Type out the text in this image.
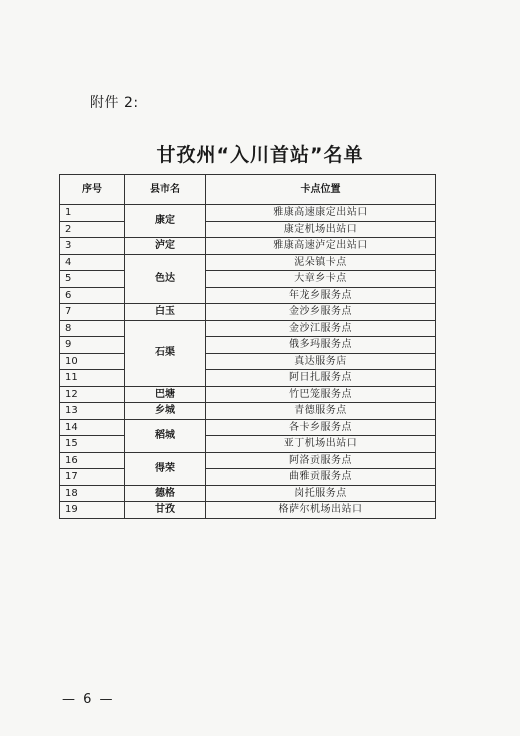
附件 2:
甘孜州“入川首站”名单
序号	县市名	卡点位置
1	康定	雅康高速康定出站口
2		康定机场出站口
3	泸定	雅康高速泸定出站口
4	色达	泥朵镇卡点
5		大章乡卡点
6		年龙乡服务点
7	白玉	金沙乡服务点
8	石渠	金沙江服务点
9		俄多玛服务点
10		真达服务店
11		阿日扎服务点
12	巴塘	竹巴笼服务点
13	乡城	青德服务点
14	稻城	各卡乡服务点
15		亚丁机场出站口
16	得荣	阿洛贡服务点
17		曲雅贡服务点
18	德格	岗托服务点
19	甘孜	格萨尔机场出站口
— 6 —
